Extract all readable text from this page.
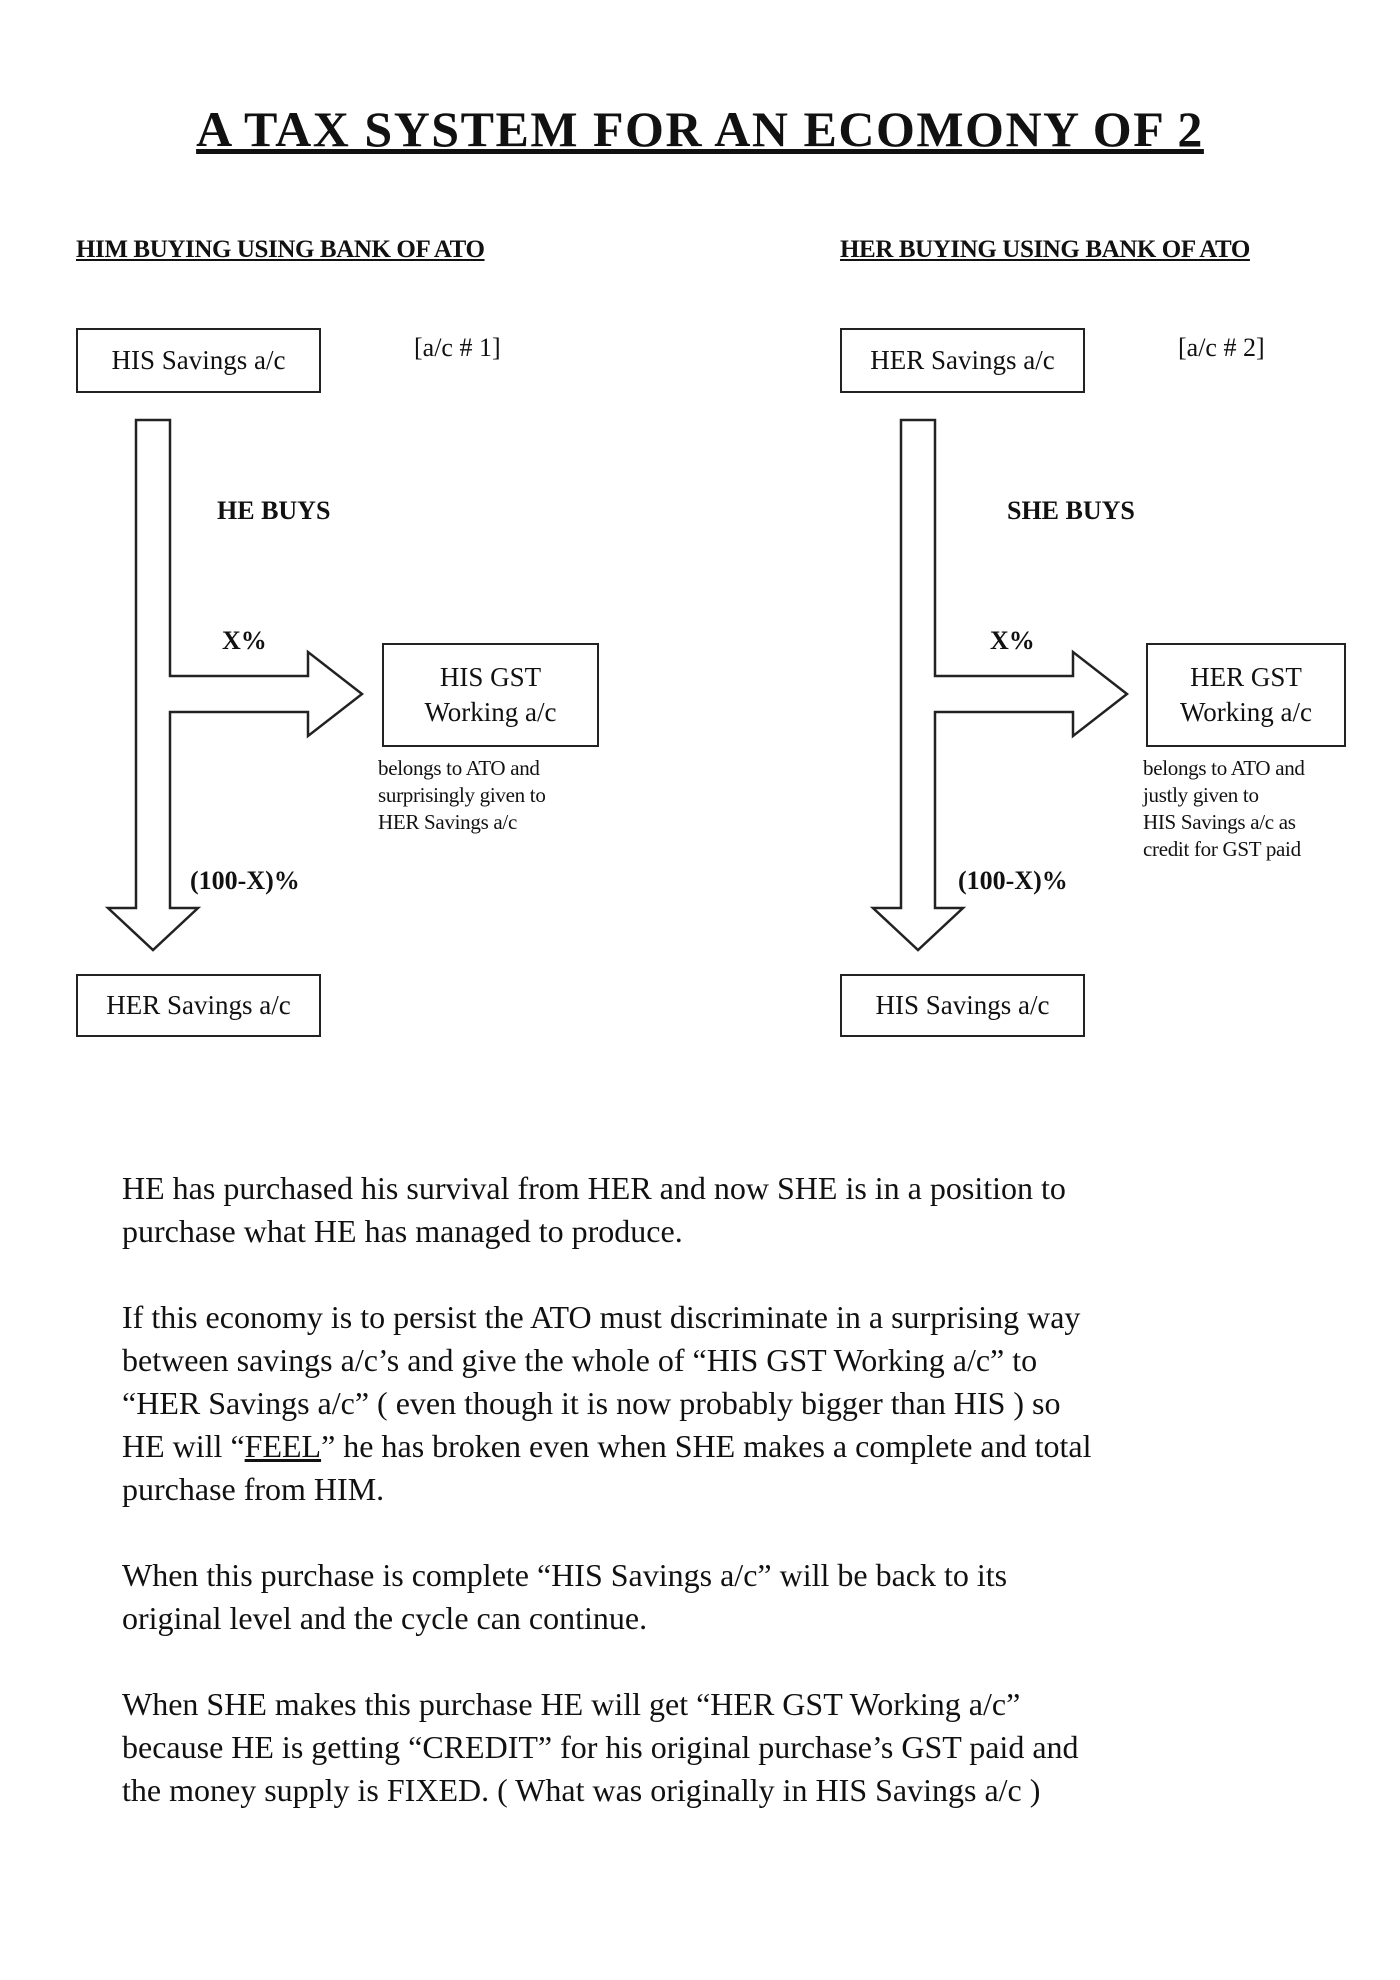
A TAX SYSTEM FOR AN ECOMONY OF 2
HIM BUYING USING BANK OF ATO
HIS Savings a/c	[a/c # 1]
HE BUYS
X%
(100-X)%
HIS GST
Working a/c
belongs to ATO and
surprisingly given to
HER Savings a/c
HER Savings a/c
HER BUYING USING BANK OF ATO
HER Savings a/c	[a/c # 2]
SHE BUYS
X%
(100-X)%
HER GST
Working a/c
belongs to ATO and
justly given to
HIS Savings a/c as
credit for GST paid
HIS Savings a/c

HE has purchased his survival from HER and now SHE is in a position to
purchase what HE has managed to produce.

If this economy is to persist the ATO must discriminate in a surprising way
between savings a/c’s and give the whole of “HIS GST Working a/c” to
“HER Savings a/c” ( even though it is now probably bigger than HIS ) so
HE will “FEEL” he has broken even when SHE makes a complete and total
purchase from HIM.

When this purchase is complete “HIS Savings a/c” will be back to its
original level and the cycle can continue.

When SHE makes this purchase HE will get “HER GST Working a/c”
because HE is getting “CREDIT” for his original purchase’s GST paid and
the money supply is FIXED. ( What was originally in HIS Savings a/c )
